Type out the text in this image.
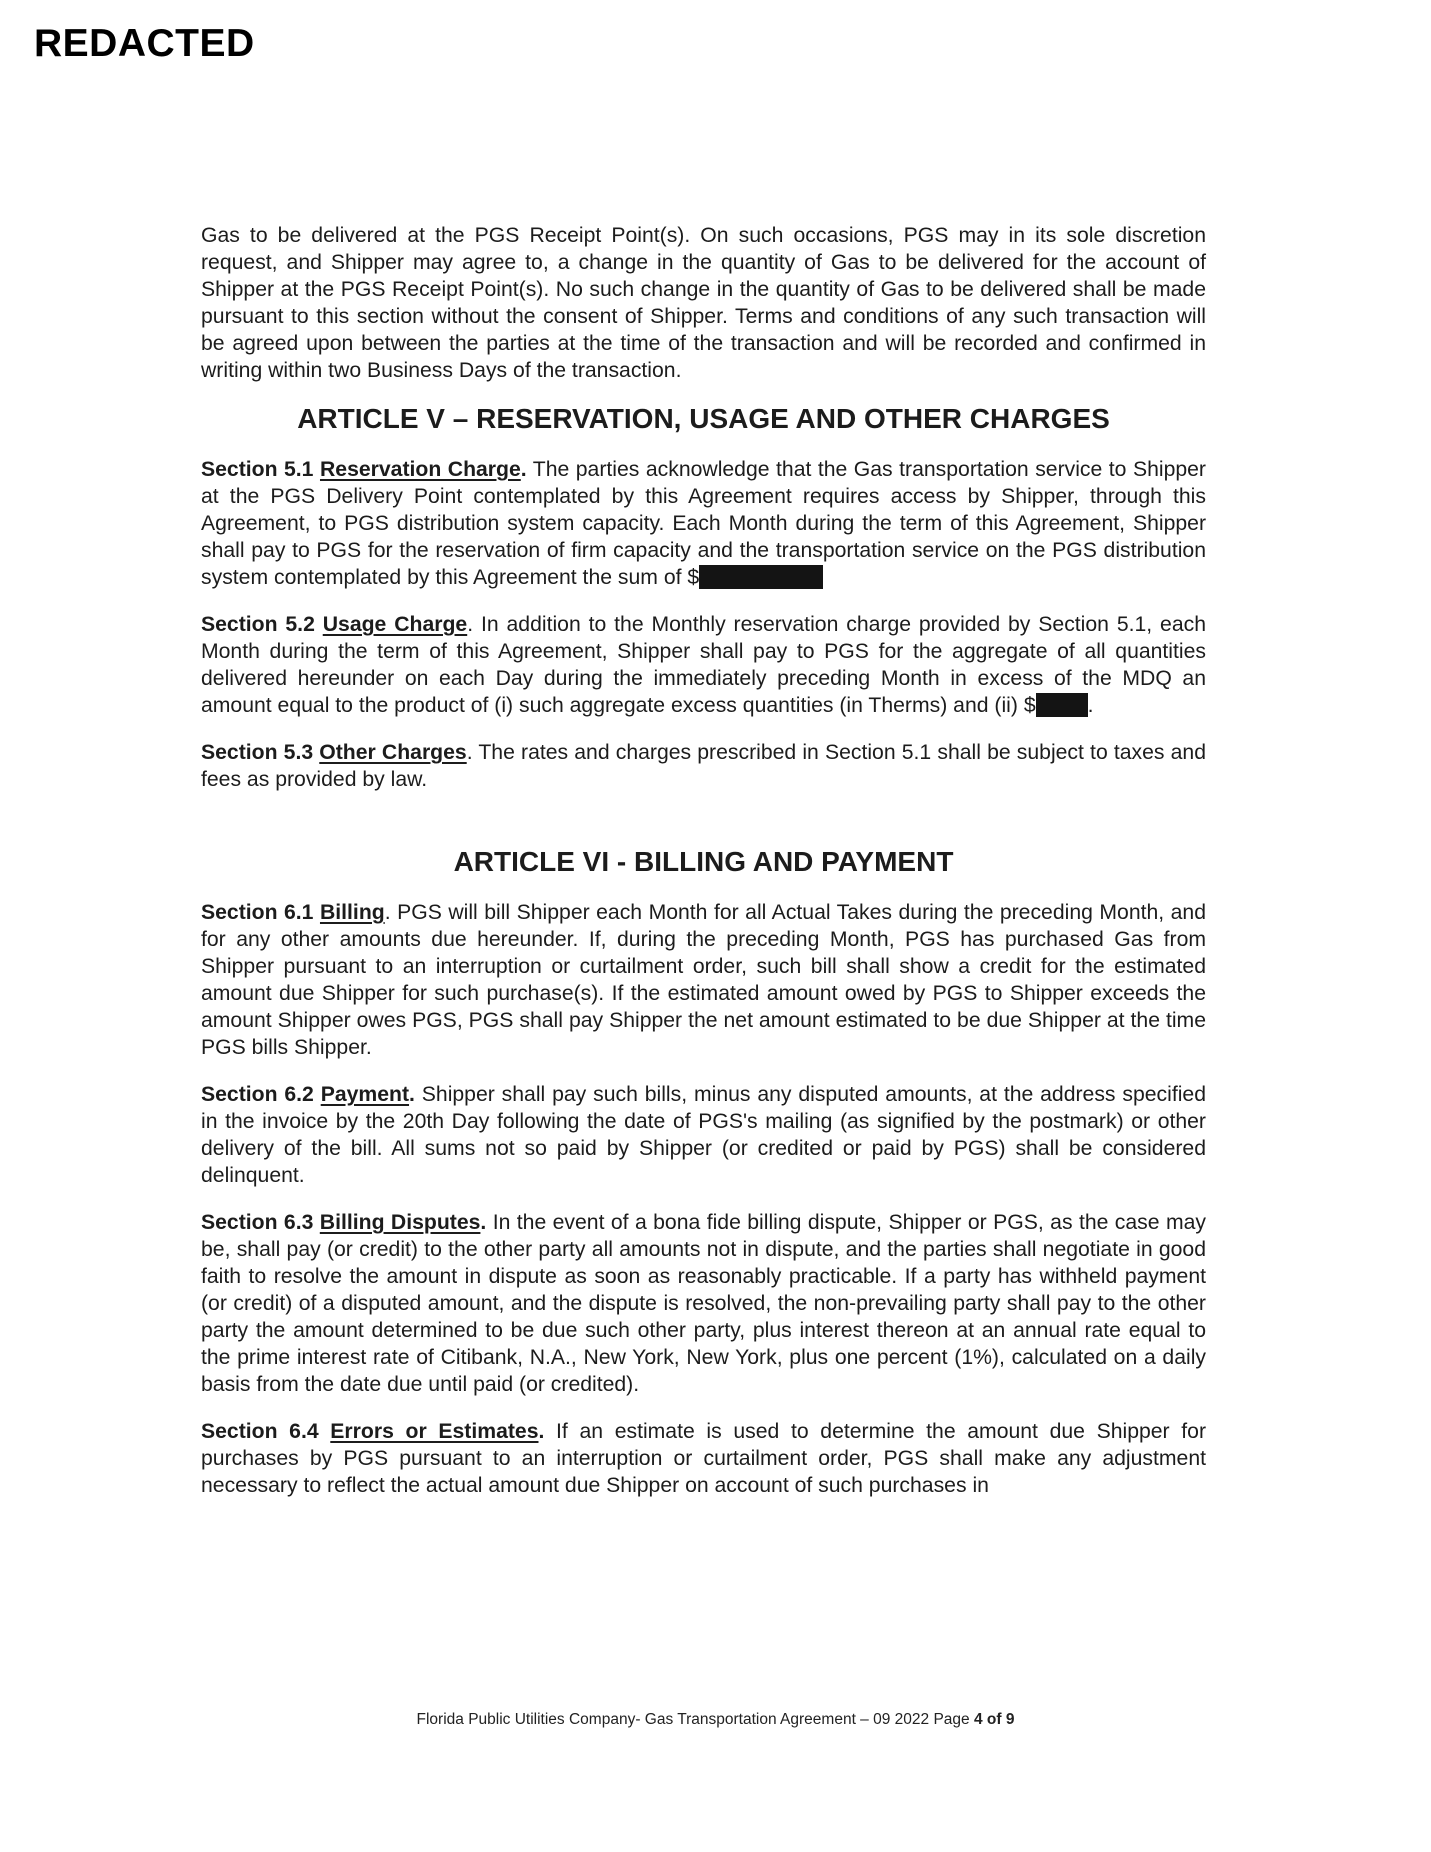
REDACTED

Gas to be delivered at the PGS Receipt Point(s). On such occasions, PGS may in its sole discretion request, and Shipper may agree to, a change in the quantity of Gas to be delivered for the account of Shipper at the PGS Receipt Point(s). No such change in the quantity of Gas to be delivered shall be made pursuant to this section without the consent of Shipper. Terms and conditions of any such transaction will be agreed upon between the parties at the time of the transaction and will be recorded and confirmed in writing within two Business Days of the transaction.

ARTICLE V – RESERVATION, USAGE AND OTHER CHARGES

Section 5.1 Reservation Charge. The parties acknowledge that the Gas transportation service to Shipper at the PGS Delivery Point contemplated by this Agreement requires access by Shipper, through this Agreement, to PGS distribution system capacity. Each Month during the term of this Agreement, Shipper shall pay to PGS for the reservation of firm capacity and the transportation service on the PGS distribution system contemplated by this Agreement the sum of $

Section 5.2 Usage Charge. In addition to the Monthly reservation charge provided by Section 5.1, each Month during the term of this Agreement, Shipper shall pay to PGS for the aggregate of all quantities delivered hereunder on each Day during the immediately preceding Month in excess of the MDQ an amount equal to the product of (i) such aggregate excess quantities (in Therms) and (ii) $ .

Section 5.3 Other Charges. The rates and charges prescribed in Section 5.1 shall be subject to taxes and fees as provided by law.

ARTICLE VI - BILLING AND PAYMENT

Section 6.1 Billing. PGS will bill Shipper each Month for all Actual Takes during the preceding Month, and for any other amounts due hereunder. If, during the preceding Month, PGS has purchased Gas from Shipper pursuant to an interruption or curtailment order, such bill shall show a credit for the estimated amount due Shipper for such purchase(s). If the estimated amount owed by PGS to Shipper exceeds the amount Shipper owes PGS, PGS shall pay Shipper the net amount estimated to be due Shipper at the time PGS bills Shipper.

Section 6.2 Payment. Shipper shall pay such bills, minus any disputed amounts, at the address specified in the invoice by the 20th Day following the date of PGS's mailing (as signified by the postmark) or other delivery of the bill. All sums not so paid by Shipper (or credited or paid by PGS) shall be considered delinquent.

Section 6.3 Billing Disputes. In the event of a bona fide billing dispute, Shipper or PGS, as the case may be, shall pay (or credit) to the other party all amounts not in dispute, and the parties shall negotiate in good faith to resolve the amount in dispute as soon as reasonably practicable. If a party has withheld payment (or credit) of a disputed amount, and the dispute is resolved, the non-prevailing party shall pay to the other party the amount determined to be due such other party, plus interest thereon at an annual rate equal to the prime interest rate of Citibank, N.A., New York, New York, plus one percent (1%), calculated on a daily basis from the date due until paid (or credited).

Section 6.4 Errors or Estimates. If an estimate is used to determine the amount due Shipper for purchases by PGS pursuant to an interruption or curtailment order, PGS shall make any adjustment necessary to reflect the actual amount due Shipper on account of such purchases in

Florida Public Utilities Company- Gas Transportation Agreement – 09 2022 Page 4 of 9
